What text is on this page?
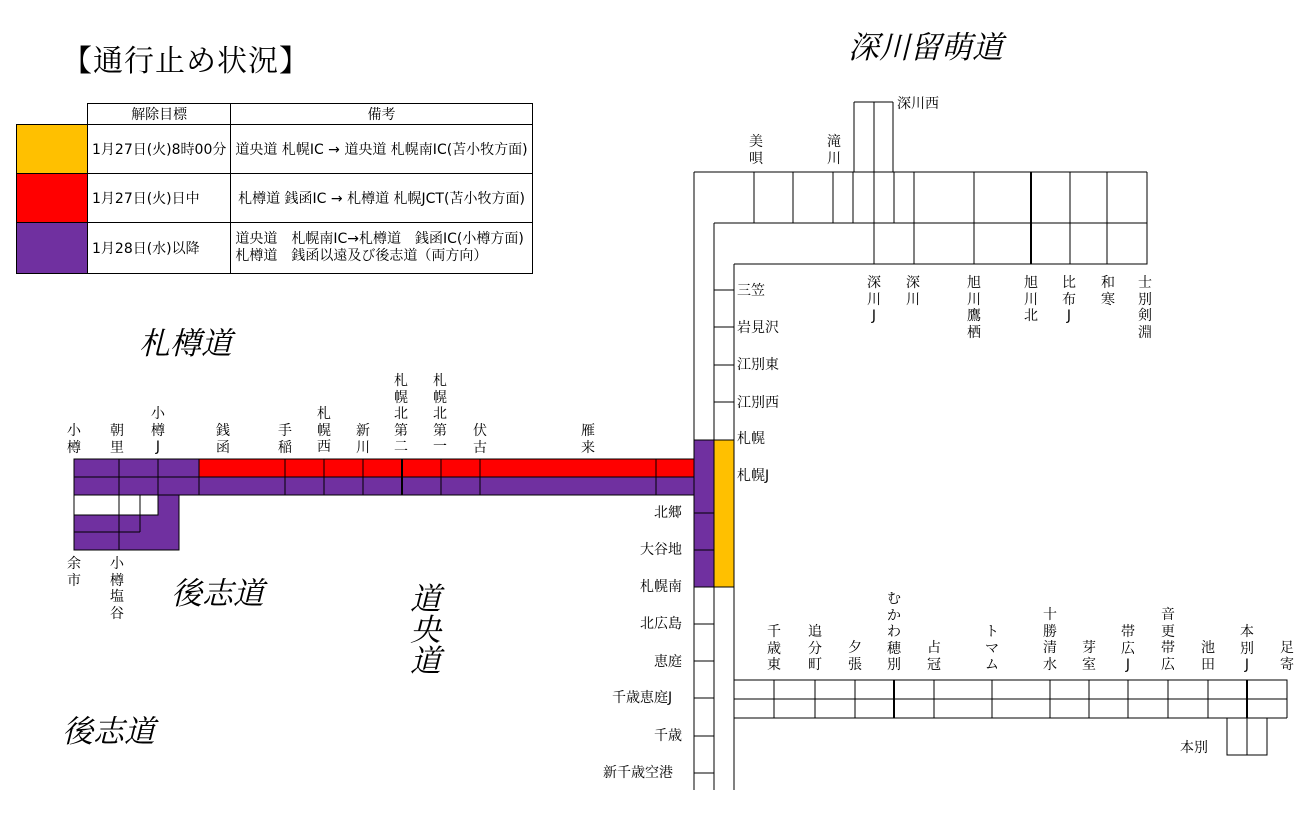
【通行止め状況】
	解除目標	備考
	1月27日(火)8時00分	道央道 札幌IC → 道央道 札幌南IC(苫小牧方面)
	1月27日(火)日中	札樽道 銭函IC → 札樽道 札幌JCT(苫小牧方面)
	1月28日(水)以降	道央道　札幌南IC→札樽道　銭函IC(小樽方面)
札樽道　銭函以遠及び後志道（両方向）
深川留萌道
札樽道
後志道
後志道
道央道
小
樽
朝
里
小
樽
J
銭
函
手
稲
札
幌
西
新
川
札
幌
北
第
二
札
幌
北
第
一
伏
古
雁
来
余
市
小
樽
塩
谷
深川西
美
唄
滝
川
三笠
岩見沢
江別東
江別西
札幌
札幌J
深
川
J
深
川
旭
川
鷹
栖
旭
川
北
比
布
J
和
寒
士
別
剣
淵
北郷
大谷地
札幌南
北広島
恵庭
千歳恵庭J
千歳
新千歳空港
千
歳
東
追
分
町
夕
張
む
か
わ
穂
別
占
冠
ト
マ
ム
十
勝
清
水
芽
室
帯
広
J
音
更
帯
広
池
田
本
別
J
足
寄
本別
